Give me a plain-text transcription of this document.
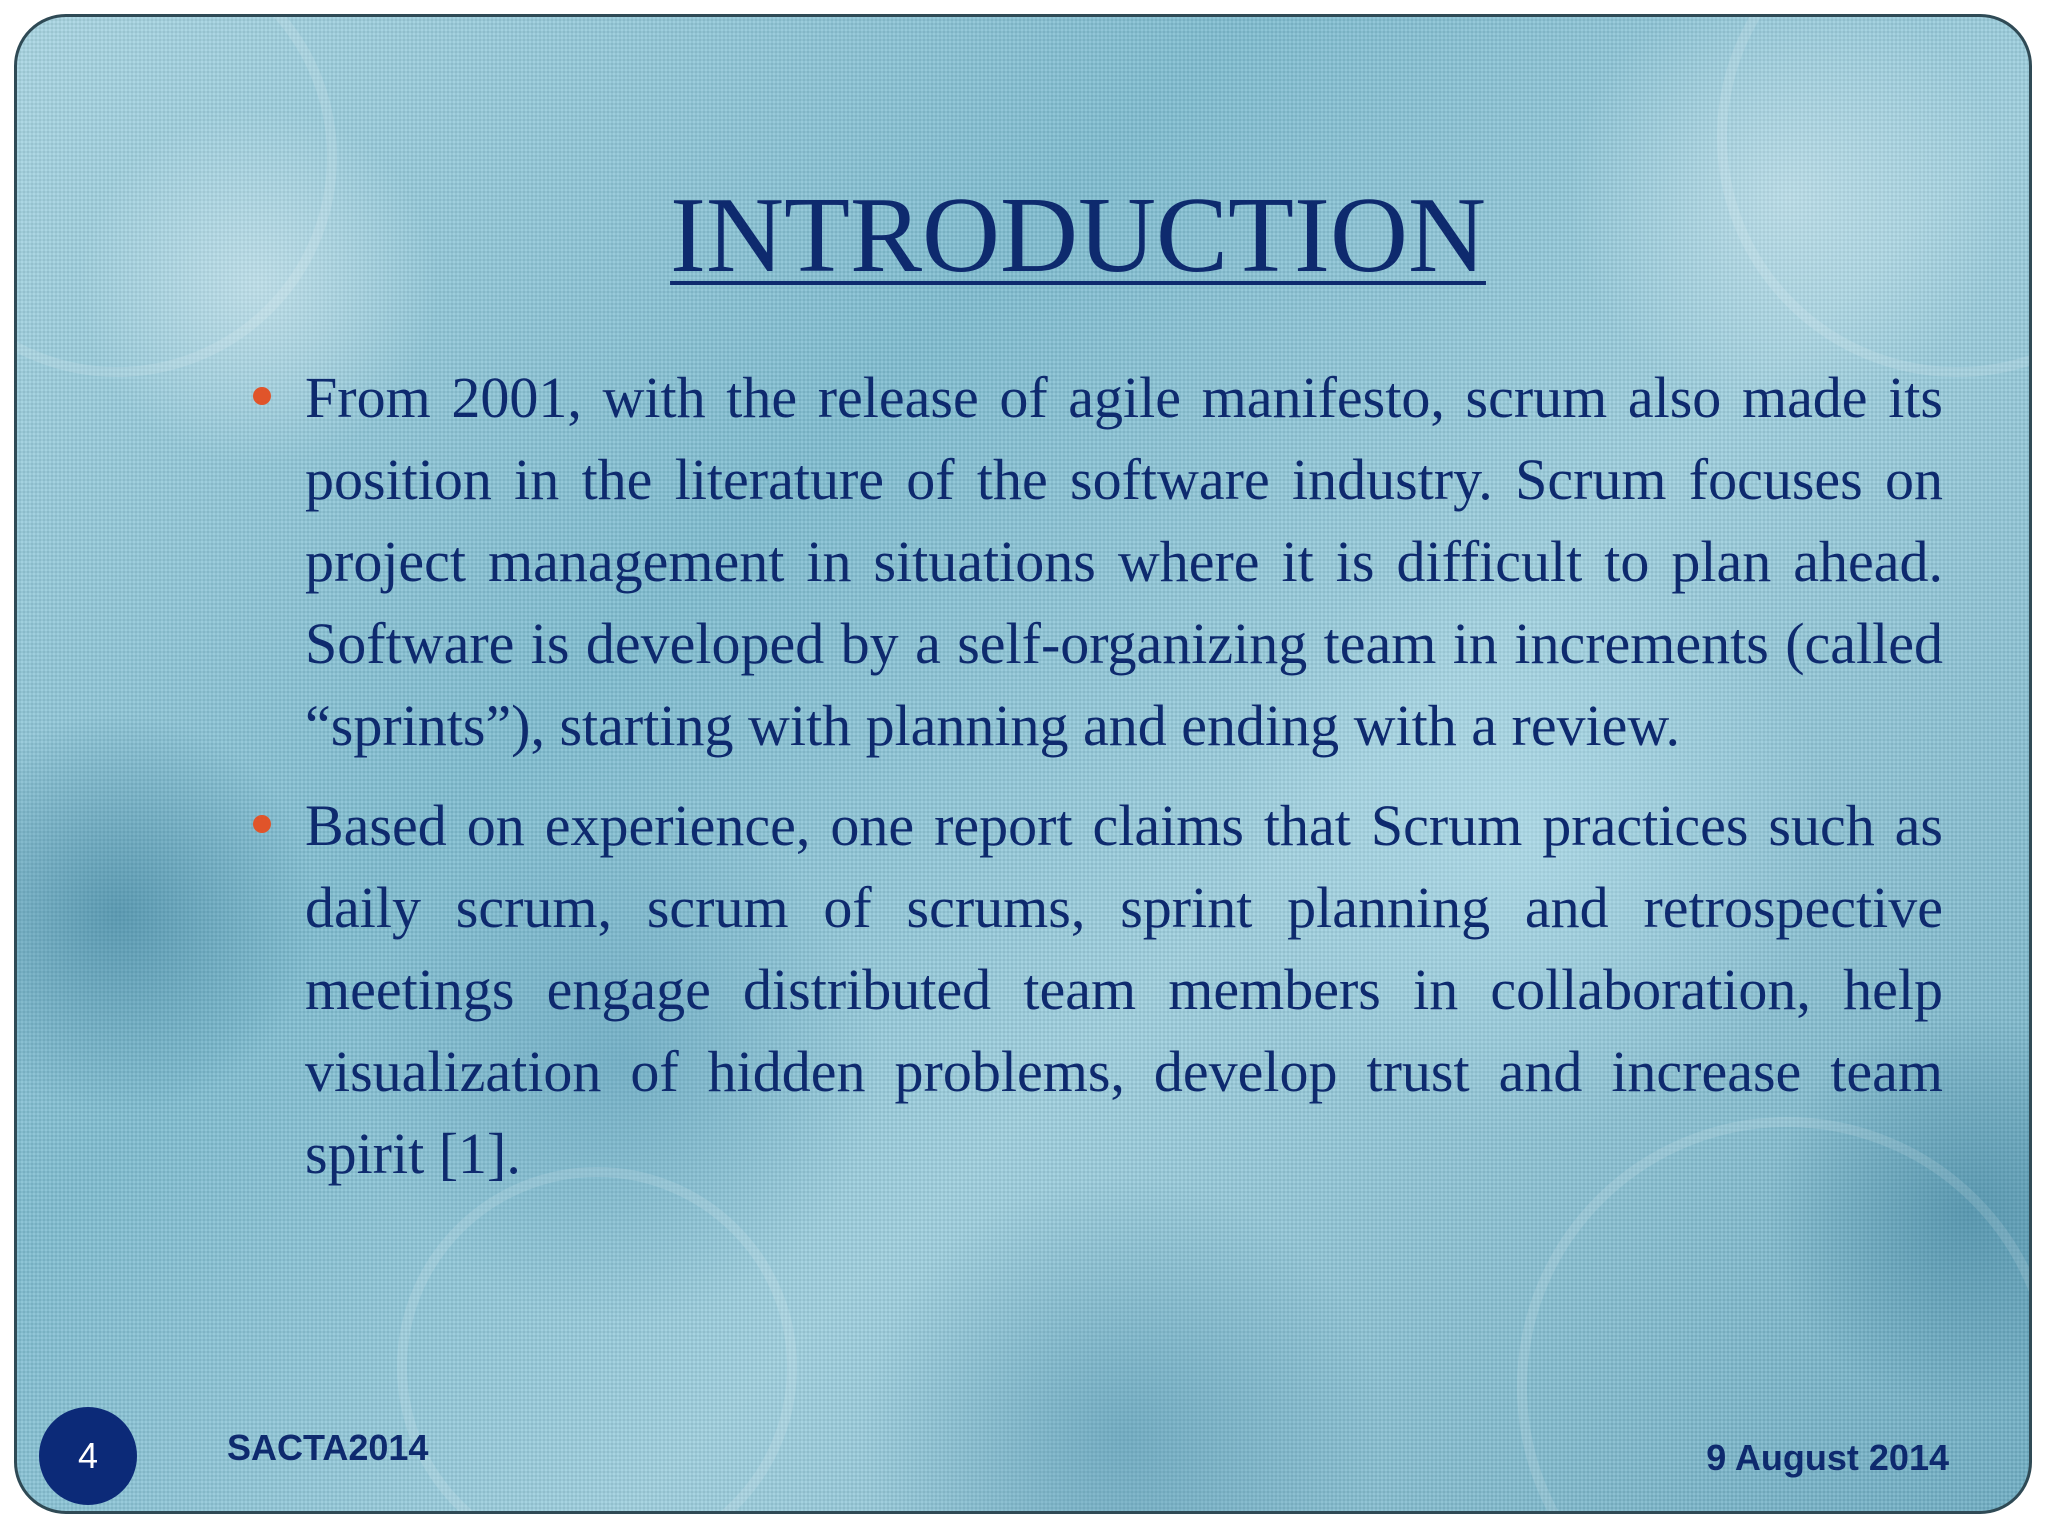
INTRODUCTION
From 2001, with the release of agile manifesto, scrum also made its position in the literature of the software industry. Scrum focuses on project management in situations where it is difficult to plan ahead. Software is developed by a self-organizing team in increments (called “sprints”), starting with planning and ending with a review.
Based on experience, one report claims that Scrum practices such as daily scrum, scrum of scrums, sprint planning and retrospective meetings engage distributed team members in collaboration, help visualization of hidden problems, develop trust and increase team spirit [1].
4	SACTA2014	9 August 2014
